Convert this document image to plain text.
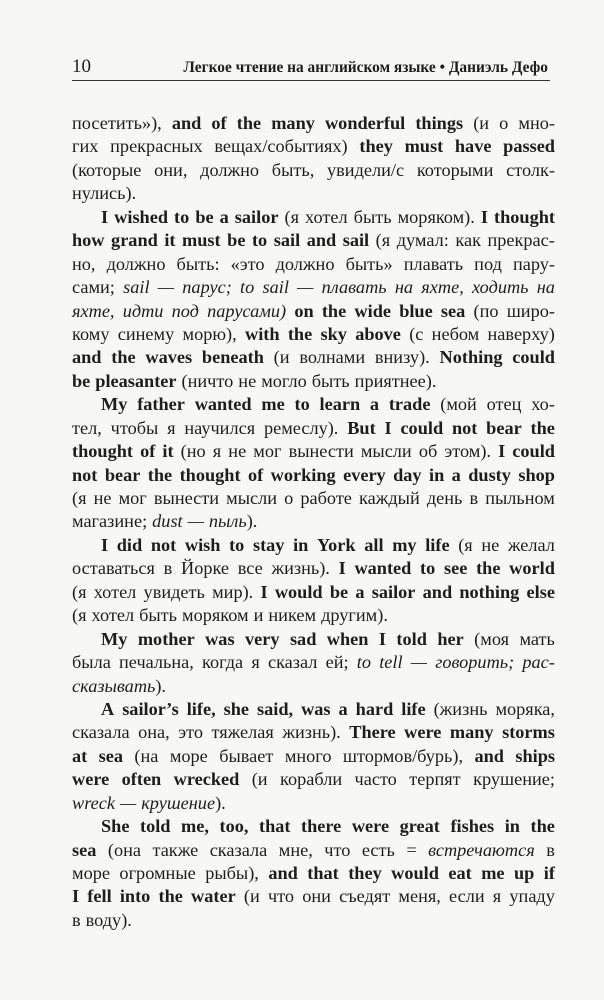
10	Легкое чтение на английском языке • Даниэль Дефо
посетить»), and of the many wonderful things (и о мно-
гих прекрасных вещах/событиях) they must have passed
(которые они, должно быть, увидели/с которыми столк-
нулись).
I wished to be a sailor (я хотел быть моряком). I thought
how grand it must be to sail and sail (я думал: как прекрас-
но, должно быть: «это должно быть» плавать под пару-
сами; sail — парус; to sail — плавать на яхте, ходить на
яхте, идти под парусами) on the wide blue sea (по широ-
кому синему морю), with the sky above (с небом наверху)
and the waves beneath (и волнами внизу). Nothing could
be pleasanter (ничто не могло быть приятнее).
My father wanted me to learn a trade (мой отец хо-
тел, чтобы я научился ремеслу). But I could not bear the
thought of it (но я не мог вынести мысли об этом). I could
not bear the thought of working every day in a dusty shop
(я не мог вынести мысли о работе каждый день в пыльном
магазине; dust — пыль).
I did not wish to stay in York all my life (я не желал
оставаться в Йорке все жизнь). I wanted to see the world
(я хотел увидеть мир). I would be a sailor and nothing else
(я хотел быть моряком и никем другим).
My mother was very sad when I told her (моя мать
была печальна, когда я сказал ей; to tell — говорить; рас-
сказывать).
A sailor’s life, she said, was a hard life (жизнь моряка,
сказала она, это тяжелая жизнь). There were many storms
at sea (на море бывает много штормов/бурь), and ships
were often wrecked (и корабли часто терпят крушение;
wreck — крушение).
She told me, too, that there were great fishes in the
sea (она также сказала мне, что есть = встречаются в
море огромные рыбы), and that they would eat me up if
I fell into the water (и что они съедят меня, если я упаду
в воду).
